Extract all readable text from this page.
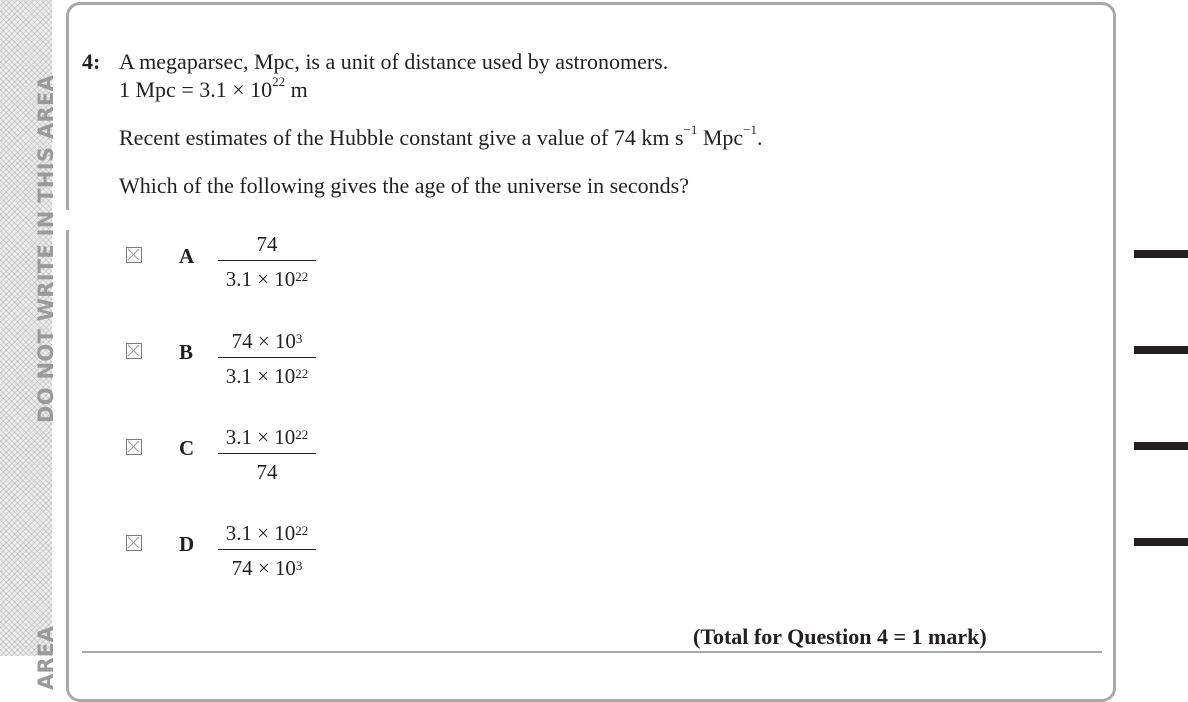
DO NOT WRITE IN THIS AREA
AREA
4: A megaparsec, Mpc, is a unit of distance used by astronomers.
1 Mpc = $3.1 \times 10^{22}$ m
Recent estimates of the Hubble constant give a value of 74 km $s^{-1}$ Mpc$^{-1}$.
Which of the following gives the age of the universe in seconds?
A	74
$3.1 \times 10^{22}$
B	$74 \times 10^3$
$3.1 \times 10^{22}$
C	$3.1 \times 10^{22}$
74
D	$3.1 \times 10^{22}$
$74 \times 10^3$
(Total for Question 4 = 1 mark)
